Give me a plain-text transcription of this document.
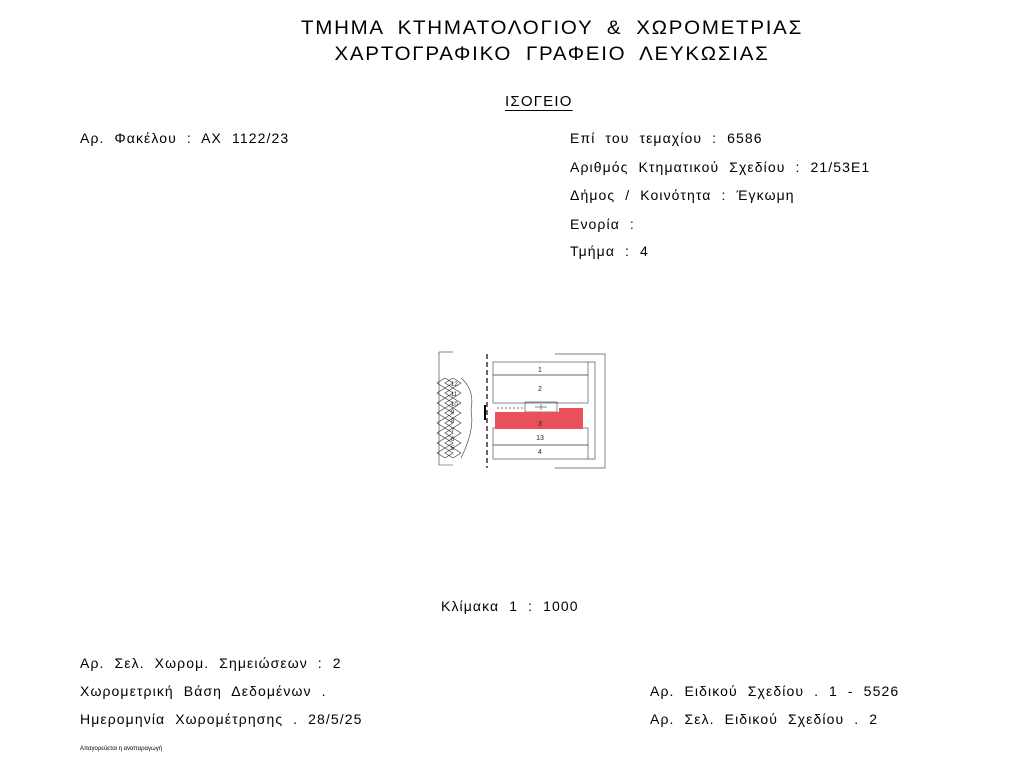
ΤΜΗΜΑ ΚΤΗΜΑΤΟΛΟΓΙΟΥ & ΧΩΡΟΜΕΤΡΙΑΣ
ΧΑΡΤΟΓΡΑΦΙΚΟ ΓΡΑΦΕΙΟ ΛΕΥΚΩΣΙΑΣ
ΙΣΟΓΕΙΟ
Αρ. Φακέλου : ΑΧ 1122/23	Επί του τεμαχίου : 6586
Αριθμός Κτηματικού Σχεδίου : 21/53Ε1
Δήμος / Κοινότητα : Έγκωμη
Ενορία :
Τμήμα : 4
12
11
10
9
8
7
6
5
1
2
3
13
4
Κλίμακα 1 : 1000
Αρ. Σελ. Χωρομ. Σημειώσεων : 2
Χωρομετρική Βάση Δεδομένων .
Ημερομηνία Χωρομέτρησης . 28/5/25
Αρ. Ειδικού Σχεδίου . 1 - 5526
Αρ. Σελ. Ειδικού Σχεδίου . 2
Απαγορεύεται η αναπαραγωγή
